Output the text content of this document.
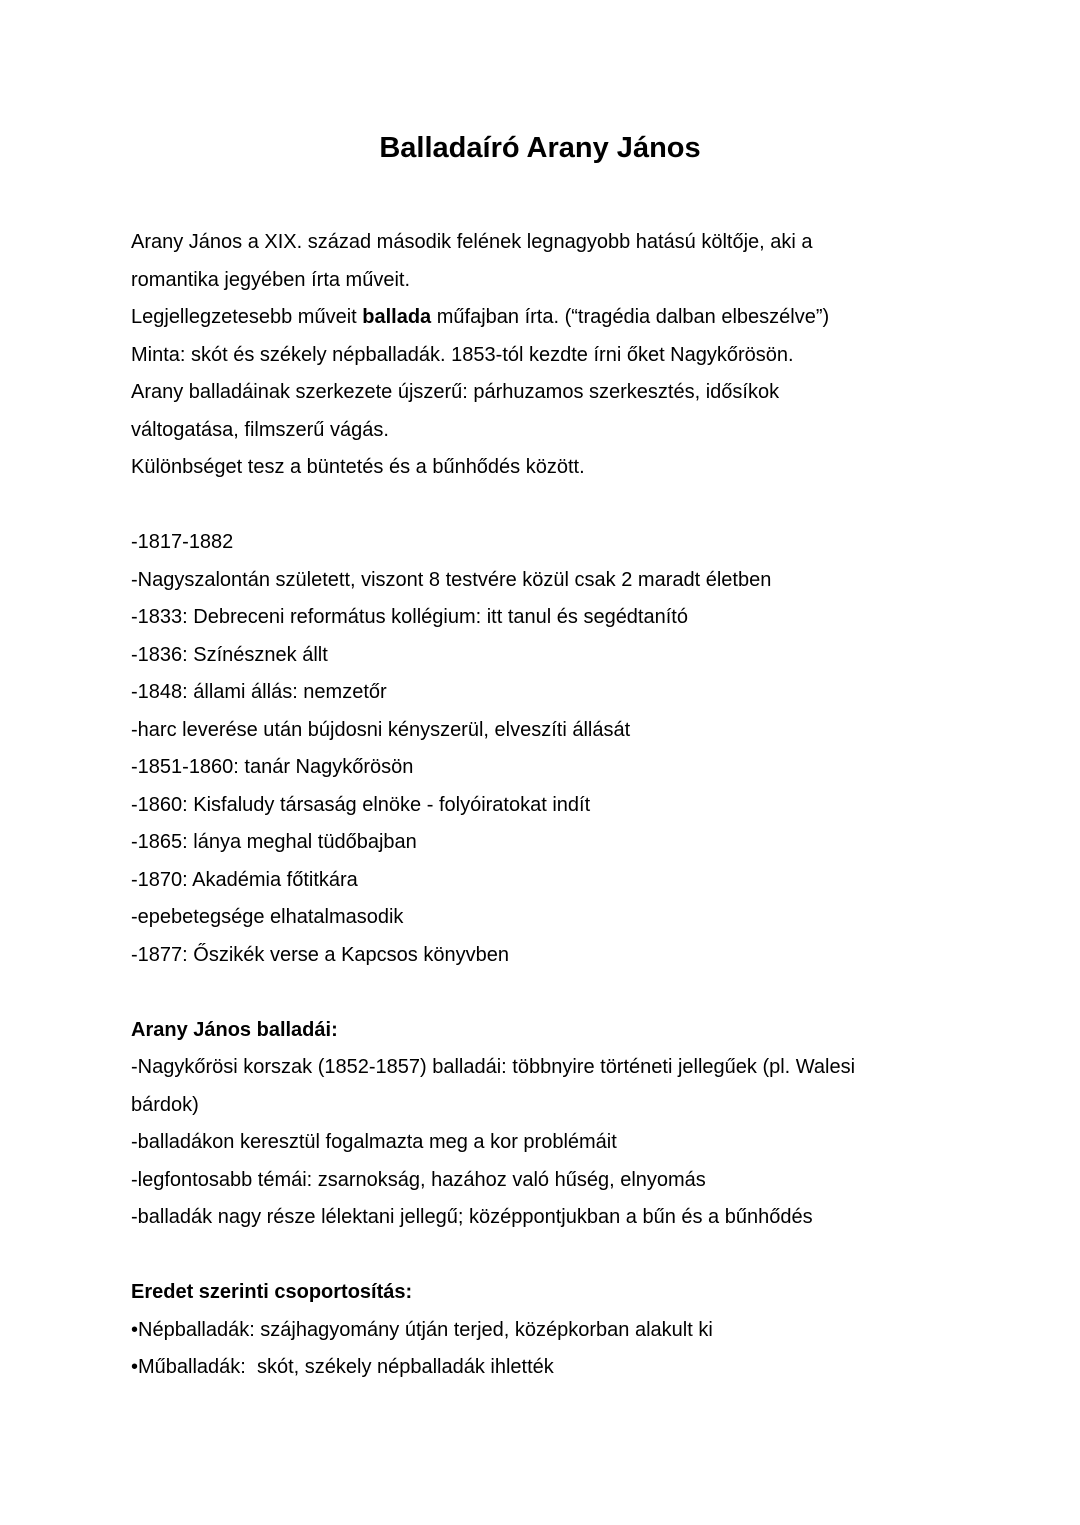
Balladaíró Arany János
Arany János a XIX. század második felének legnagyobb hatású költője, aki a
romantika jegyében írta műveit.
Legjellegzetesebb műveit ballada műfajban írta. (“tragédia dalban elbeszélve”)
Minta: skót és székely népballadák. 1853-tól kezdte írni őket Nagykőrösön.
Arany balladáinak szerkezete újszerű: párhuzamos szerkesztés, idősíkok
váltogatása, filmszerű vágás.
Különbséget tesz a büntetés és a bűnhődés között.
-1817-1882
-Nagyszalontán született, viszont 8 testvére közül csak 2 maradt életben
-1833: Debreceni református kollégium: itt tanul és segédtanító
-1836: Színésznek állt
-1848: állami állás: nemzetőr
-harc leverése után bújdosni kényszerül, elveszíti állását
-1851-1860: tanár Nagykőrösön
-1860: Kisfaludy társaság elnöke - folyóiratokat indít
-1865: lánya meghal tüdőbajban
-1870: Akadémia főtitkára
-epebetegsége elhatalmasodik
-1877: Őszikék verse a Kapcsos könyvben
Arany János balladái:
-Nagykőrösi korszak (1852-1857) balladái: többnyire történeti jellegűek (pl. Walesi
bárdok)
-balladákon keresztül fogalmazta meg a kor problémáit
-legfontosabb témái: zsarnokság, hazához való hűség, elnyomás
-balladák nagy része lélektani jellegű; középpontjukban a bűn és a bűnhődés
Eredet szerinti csoportosítás:
•Népballadák: szájhagyomány útján terjed, középkorban alakult ki
•Műballadák:  skót, székely népballadák ihlették
